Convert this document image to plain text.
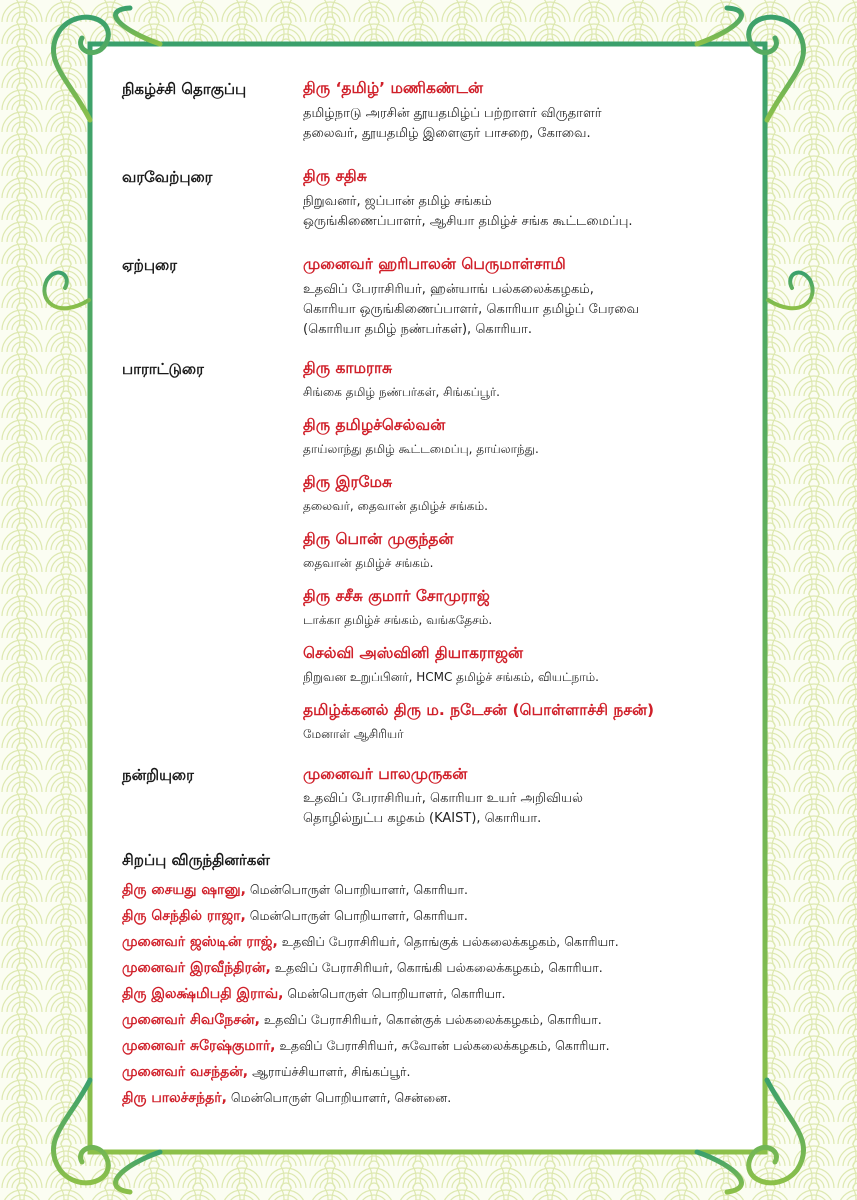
நிகழ்ச்சி தொகுப்பு	திரு ‘தமிழ்’ மணிகண்டன்
தமிழ்நாடு அரசின் தூயதமிழ்ப் பற்றாளர் விருதாளர்
தலைவர், தூயதமிழ் இளைஞர் பாசறை, கோவை.
வரவேற்புரை	திரு சதிசு
நிறுவனர், ஜப்பான் தமிழ் சங்கம்
ஒருங்கிணைப்பாளர், ஆசியா தமிழ்ச் சங்க கூட்டமைப்பு.
ஏற்புரை	முனைவர் ஹரிபாலன் பெருமாள்சாமி
உதவிப் பேராசிரியர், ஹன்யாங் பல்கலைக்கழகம்,
கொரியா ஒருங்கிணைப்பாளர், கொரியா தமிழ்ப் பேரவை
(கொரியா தமிழ் நண்பர்கள்), கொரியா.
பாராட்டுரை	திரு காமராசு
சிங்கை தமிழ் நண்பர்கள், சிங்கப்பூர்.
திரு தமிழச்செல்வன்
தாய்லாந்து தமிழ் கூட்டமைப்பு, தாய்லாந்து.
திரு இரமேசு
தலைவர், தைவான் தமிழ்ச் சங்கம்.
திரு பொன் முகுந்தன்
தைவான் தமிழ்ச் சங்கம்.
திரு சசீசு குமார் சோமுராஜ்
டாக்கா தமிழ்ச் சங்கம், வங்கதேசம்.
செல்வி அஸ்வினி தியாகராஜன்
நிறுவன உறுப்பினர், HCMC தமிழ்ச் சங்கம், வியட்நாம்.
தமிழ்க்கனல் திரு ம. நடேசன் (பொள்ளாச்சி நசன்)
மேனாள் ஆசிரியர்
நன்றியுரை	முனைவர் பாலமுருகன்
உதவிப் பேராசிரியர், கொரியா உயர் அறிவியல்
தொழில்நுட்ப கழகம் (KAIST), கொரியா.
சிறப்பு விருந்தினர்கள்
திரு சையது ஷானு, மென்பொருள் பொறியாளர், கொரியா.
திரு செந்தில் ராஜா, மென்பொருள் பொறியாளர், கொரியா.
முனைவர் ஜஸ்டின் ராஜ், உதவிப் பேராசிரியர், தொங்குக் பல்கலைக்கழகம், கொரியா.
முனைவர் இரவீந்திரன், உதவிப் பேராசிரியர், கொங்கி பல்கலைக்கழகம், கொரியா.
திரு இலக்ஷ்மிபதி இராவ், மென்பொருள் பொறியாளர், கொரியா.
முனைவர் சிவநேசன், உதவிப் பேராசிரியர், கொன்குக் பல்கலைக்கழகம், கொரியா.
முனைவர் சுரேஷ்குமார், உதவிப் பேராசிரியர், சுவோன் பல்கலைக்கழகம், கொரியா.
முனைவர் வசந்தன், ஆராய்ச்சியாளர், சிங்கப்பூர்.
திரு பாலச்சந்தர், மென்பொருள் பொறியாளர், சென்னை.
